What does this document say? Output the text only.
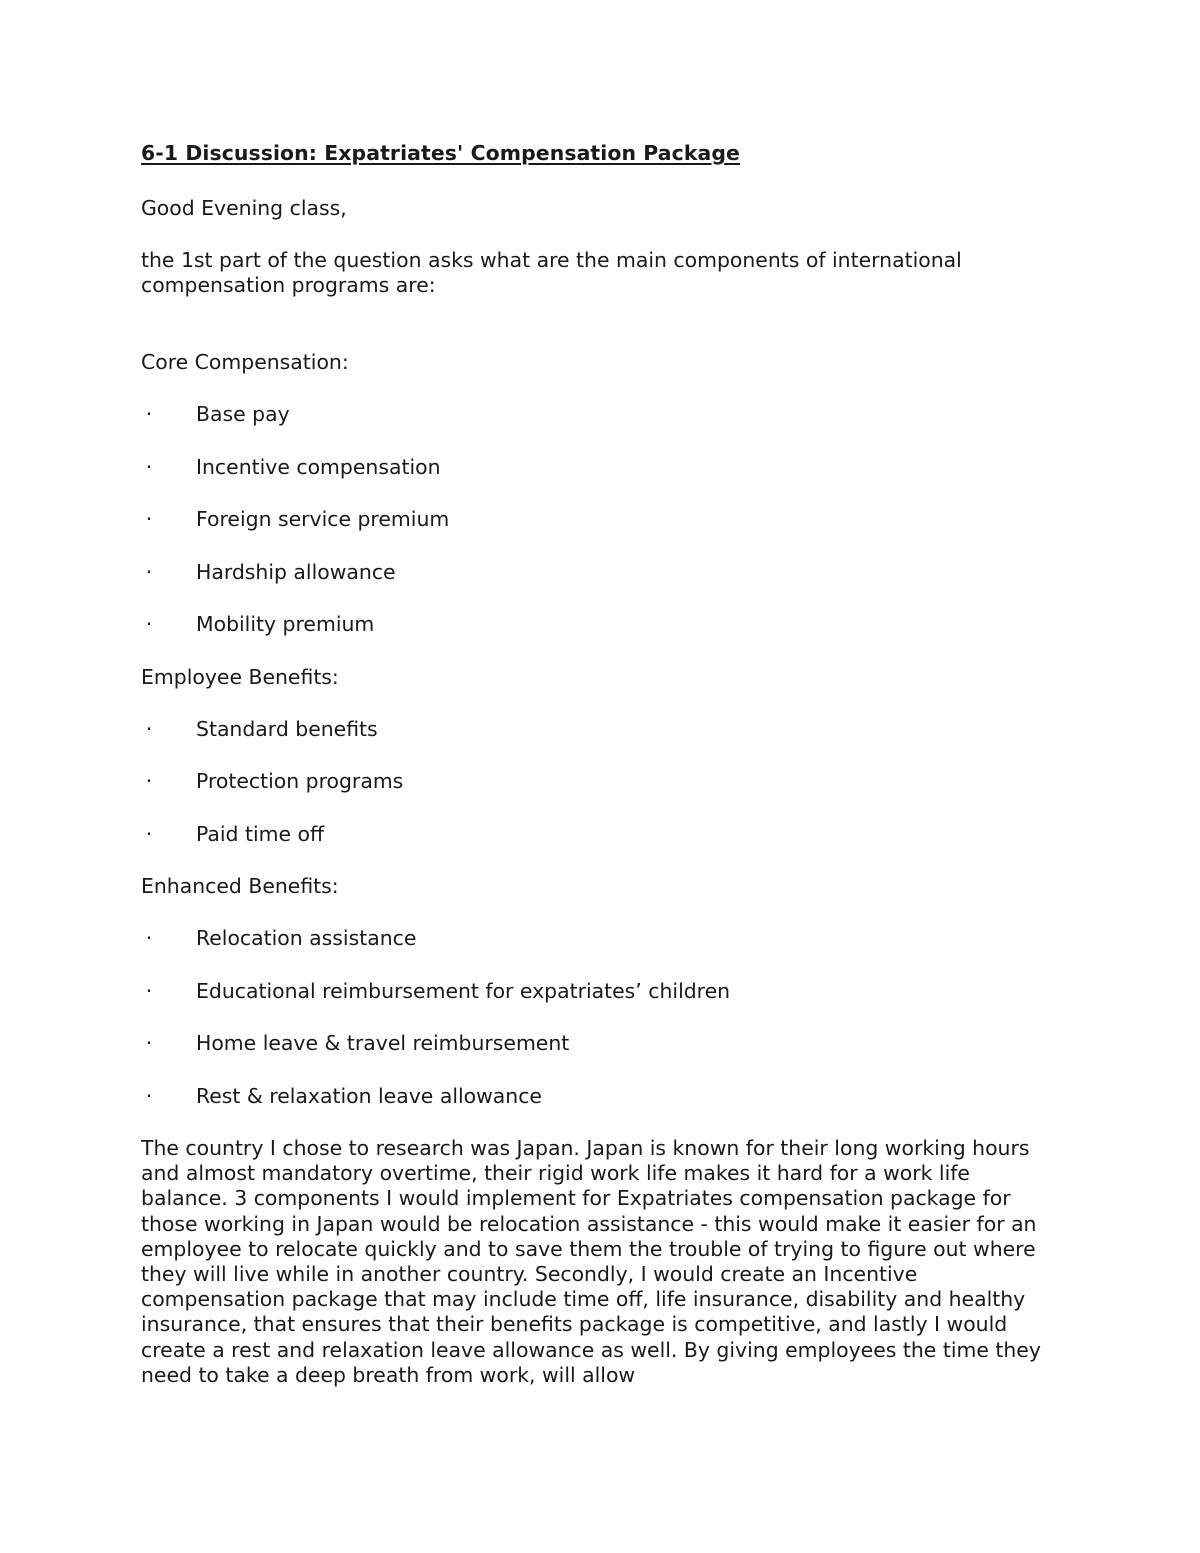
6-1 Discussion: Expatriates' Compensation Package

Good Evening class,

the 1st part of the question asks what are the main components of international compensation programs are:

Core Compensation:

· Base pay
· Incentive compensation
· Foreign service premium
· Hardship allowance
· Mobility premium

Employee Benefits:

· Standard benefits
· Protection programs
· Paid time off

Enhanced Benefits:

· Relocation assistance
· Educational reimbursement for expatriates’ children
· Home leave & travel reimbursement
· Rest & relaxation leave allowance

The country I chose to research was Japan. Japan is known for their long working hours and almost mandatory overtime, their rigid work life makes it hard for a work life balance. 3 components I would implement for Expatriates compensation package for those working in Japan would be relocation assistance - this would make it easier for an employee to relocate quickly and to save them the trouble of trying to figure out where they will live while in another country. Secondly, I would create an Incentive compensation package that may include time off, life insurance, disability and healthy insurance, that ensures that their benefits package is competitive, and lastly I would create a rest and relaxation leave allowance as well. By giving employees the time they need to take a deep breath from work, will allow
